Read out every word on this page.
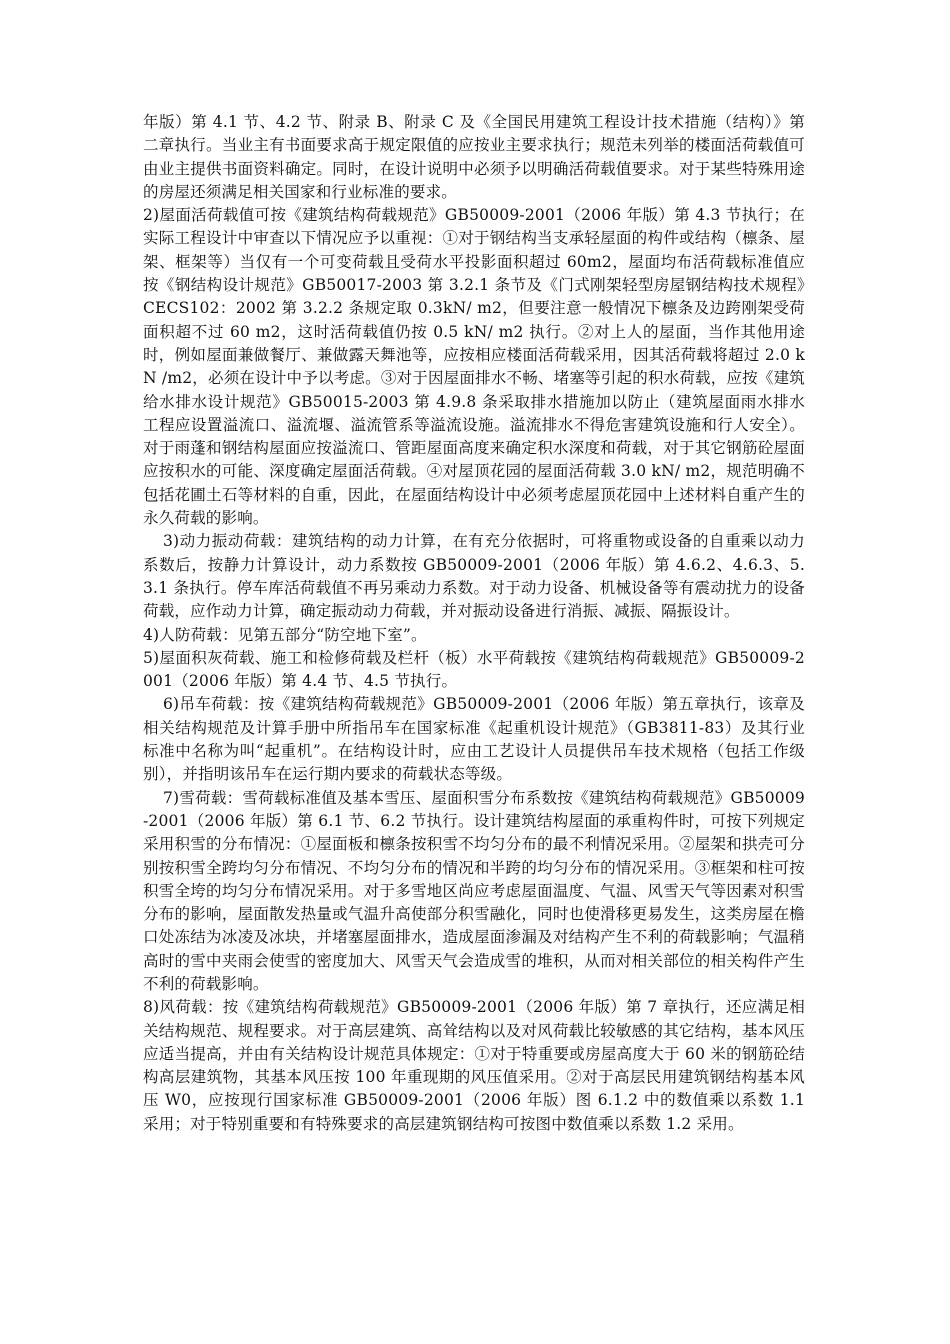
年版）第 4.1 节、4.2 节、附录 B、附录 C 及《全国民用建筑工程设计技术措施（结构）》第二章执行。当业主有书面要求高于规定限值的应按业主要求执行；规范未列举的楼面活荷载值可由业主提供书面资料确定。同时，在设计说明中必须予以明确活荷载值要求。对于某些特殊用途的房屋还须满足相关国家和行业标准的要求。

2)屋面活荷载值可按《建筑结构荷载规范》GB50009-2001（2006 年版）第 4.3 节执行；在实际工程设计中审查以下情况应予以重视：①对于钢结构当支承轻屋面的构件或结构（檩条、屋架、框架等）当仅有一个可变荷载且受荷水平投影面积超过 60m2，屋面均布活荷载标准值应按《钢结构设计规范》GB50017-2003 第 3.2.1 条节及《门式刚架轻型房屋钢结构技术规程》CECS102：2002 第 3.2.2 条规定取 0.3kN/ m2，但要注意一般情况下檩条及边跨刚架受荷面积超不过 60 m2，这时活荷载值仍按 0.5 kN/ m2 执行。②对上人的屋面，当作其他用途时，例如屋面兼做餐厅、兼做露天舞池等，应按相应楼面活荷载采用，因其活荷载将超过 2.0 kN /m2，必须在设计中予以考虑。③对于因屋面排水不畅、堵塞等引起的积水荷载，应按《建筑给水排水设计规范》GB50015-2003 第 4.9.8 条采取排水措施加以防止（建筑屋面雨水排水工程应设置溢流口、溢流堰、溢流管系等溢流设施。溢流排水不得危害建筑设施和行人安全）。对于雨蓬和钢结构屋面应按溢流口、管距屋面高度来确定积水深度和荷载，对于其它钢筋砼屋面应按积水的可能、深度确定屋面活荷载。④对屋顶花园的屋面活荷载 3.0 kN/ m2，规范明确不包括花圃土石等材料的自重，因此，在屋面结构设计中必须考虑屋顶花园中上述材料自重产生的永久荷载的影响。

3)动力振动荷载：建筑结构的动力计算，在有充分依据时，可将重物或设备的自重乘以动力系数后，按静力计算设计，动力系数按 GB50009-2001（2006 年版）第 4.6.2、4.6.3、5.3.1 条执行。停车库活荷载值不再另乘动力系数。对于动力设备、机械设备等有震动扰力的设备荷载，应作动力计算，确定振动动力荷载，并对振动设备进行消振、减振、隔振设计。

4)人防荷载：见第五部分“防空地下室”。

5)屋面积灰荷载、施工和检修荷载及栏杆（板）水平荷载按《建筑结构荷载规范》GB50009-2001（2006 年版）第 4.4 节、4.5 节执行。

6)吊车荷载：按《建筑结构荷载规范》GB50009-2001（2006 年版）第五章执行，该章及相关结构规范及计算手册中所指吊车在国家标准《起重机设计规范》（GB3811-83）及其行业标准中名称为叫“起重机”。在结构设计时，应由工艺设计人员提供吊车技术规格（包括工作级别），并指明该吊车在运行期内要求的荷载状态等级。

7)雪荷载：雪荷载标准值及基本雪压、屋面积雪分布系数按《建筑结构荷载规范》GB50009-2001（2006 年版）第 6.1 节、6.2 节执行。设计建筑结构屋面的承重构件时，可按下列规定采用积雪的分布情况：①屋面板和檩条按积雪不均匀分布的最不利情况采用。②屋架和拱壳可分别按积雪全跨均匀分布情况、不均匀分布的情况和半跨的均匀分布的情况采用。③框架和柱可按积雪全垮的均匀分布情况采用。对于多雪地区尚应考虑屋面温度、气温、风雪天气等因素对积雪分布的影响，屋面散发热量或气温升高使部分积雪融化，同时也使滑移更易发生，这类房屋在檐口处冻结为冰凌及冰块，并堵塞屋面排水，造成屋面渗漏及对结构产生不利的荷载影响；气温稍高时的雪中夹雨会使雪的密度加大、风雪天气会造成雪的堆积，从而对相关部位的相关构件产生不利的荷载影响。

8)风荷载：按《建筑结构荷载规范》GB50009-2001（2006 年版）第 7 章执行，还应满足相关结构规范、规程要求。对于高层建筑、高耸结构以及对风荷载比较敏感的其它结构，基本风压应适当提高，并由有关结构设计规范具体规定：①对于特重要或房屋高度大于 60 米的钢筋砼结构高层建筑物，其基本风压按 100 年重现期的风压值采用。②对于高层民用建筑钢结构基本风压 W0，应按现行国家标准 GB50009-2001（2006 年版）图 6.1.2 中的数值乘以系数 1.1 采用；对于特别重要和有特殊要求的高层建筑钢结构可按图中数值乘以系数 1.2 采用。
